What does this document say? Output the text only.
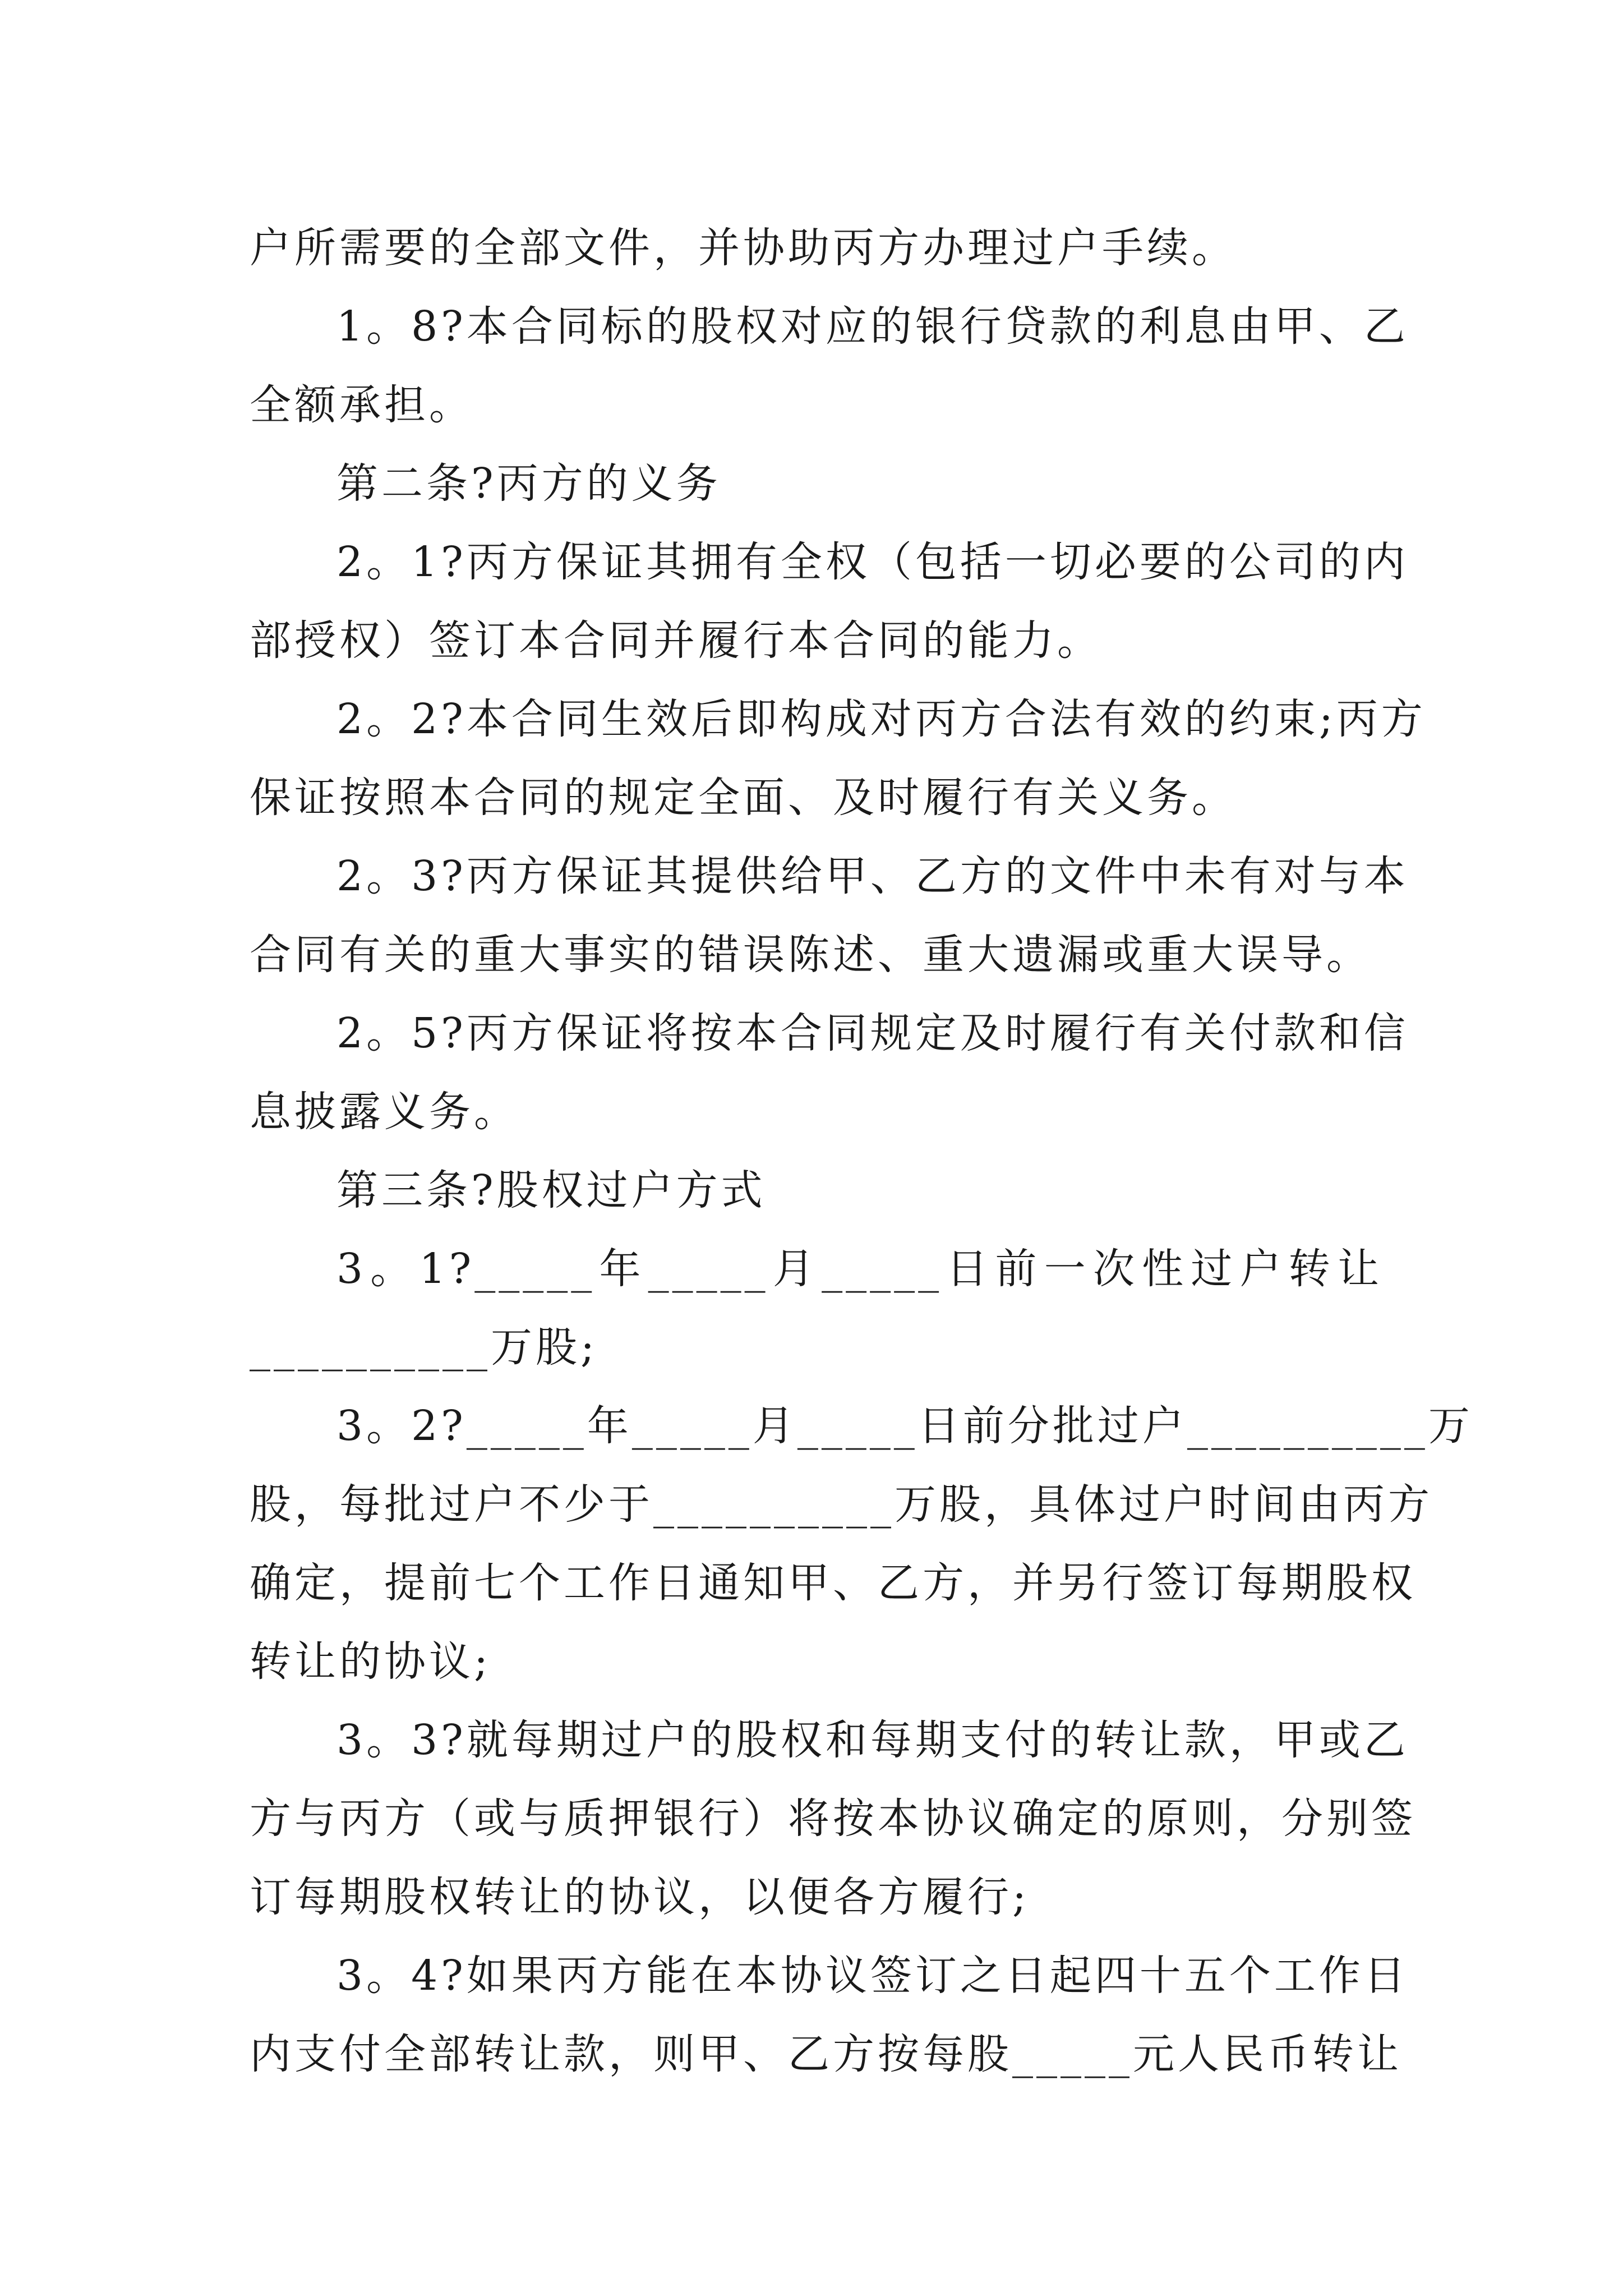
户所需要的全部文件，并协助丙方办理过户手续。
1。8?本合同标的股权对应的银行贷款的利息由甲、乙
全额承担。
第二条?丙方的义务
2。1?丙方保证其拥有全权（包括一切必要的公司的内
部授权）签订本合同并履行本合同的能力。
2。2?本合同生效后即构成对丙方合法有效的约束;丙方
保证按照本合同的规定全面、及时履行有关义务。
2。3?丙方保证其提供给甲、乙方的文件中未有对与本
合同有关的重大事实的错误陈述、重大遗漏或重大误导。
2。5?丙方保证将按本合同规定及时履行有关付款和信
息披露义务。
第三条?股权过户方式
3。1?_____年_____月_____日前一次性过户转让
__________万股;
3。2?_____年_____月_____日前分批过户__________万
股，每批过户不少于__________万股，具体过户时间由丙方
确定，提前七个工作日通知甲、乙方，并另行签订每期股权
转让的协议;
3。3?就每期过户的股权和每期支付的转让款，甲或乙
方与丙方（或与质押银行）将按本协议确定的原则，分别签
订每期股权转让的协议，以便各方履行;
3。4?如果丙方能在本协议签订之日起四十五个工作日
内支付全部转让款，则甲、乙方按每股_____元人民币转让
